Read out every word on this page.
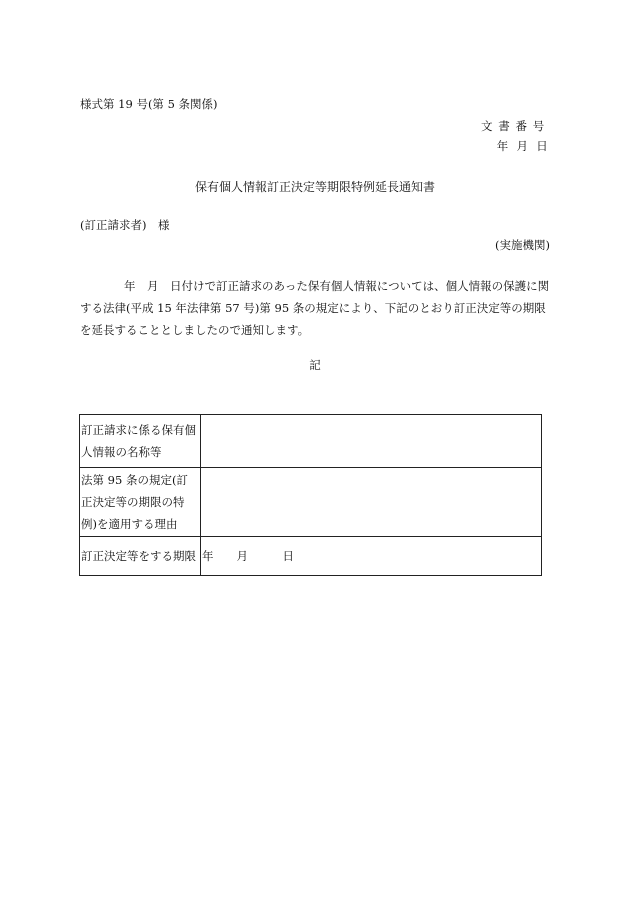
様式第 19 号(第 5 条関係)
文書番号
年 月 日
保有個人情報訂正決定等期限特例延長通知書
(訂正請求者)　様
(実施機関)
年　月　日付けで訂正請求のあった保有個人情報については、個人情報の保護に関する法律(平成 15 年法律第 57 号)第 95 条の規定により、下記のとおり訂正決定等の期限を延長することとしましたので通知します。
記
訂正請求に係る保有個人情報の名称等	
法第 95 条の規定(訂正決定等の期限の特例)を適用する理由	
訂正決定等をする期限	年　　月　　　日
